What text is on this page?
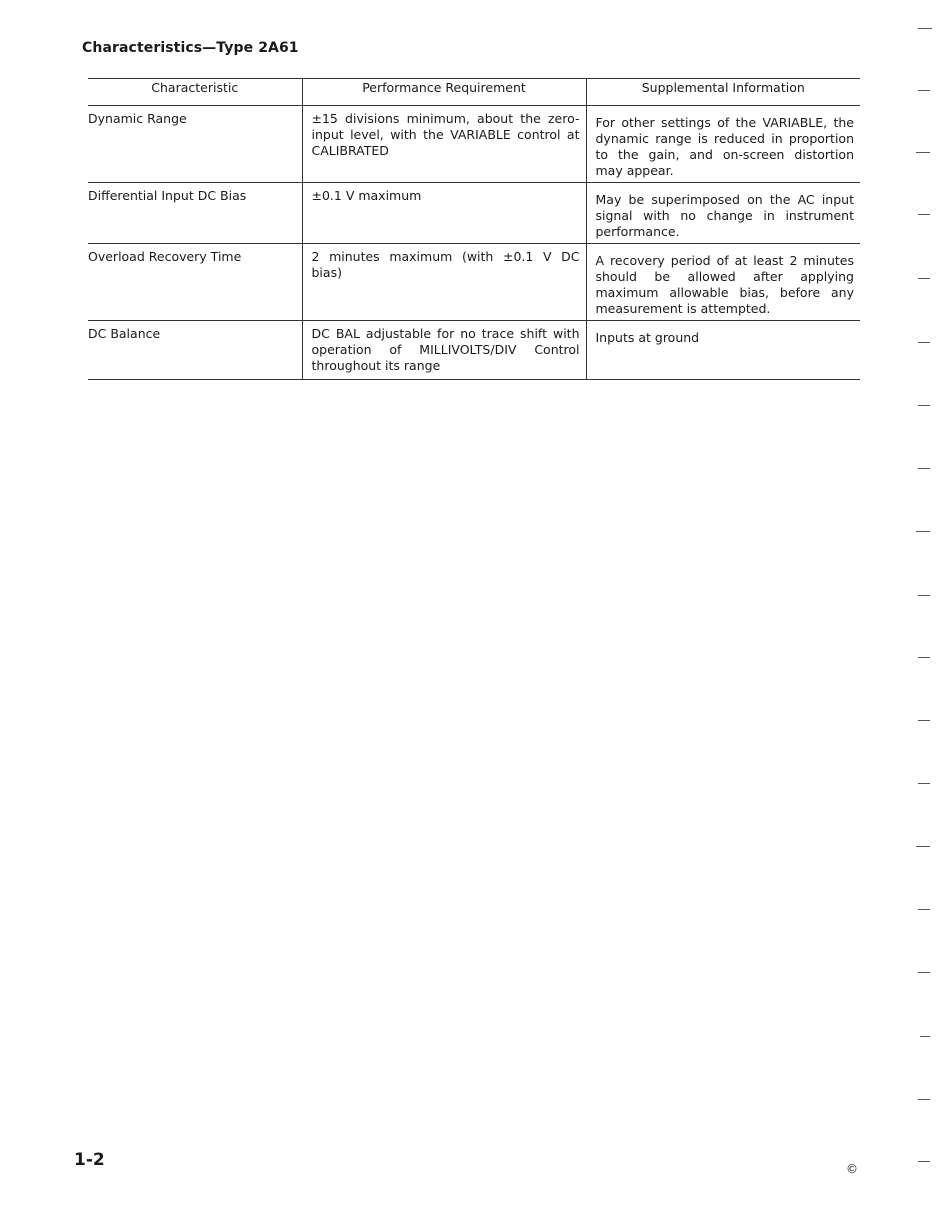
Characteristics—Type 2A61
Characteristic	Performance Requirement	Supplemental Information
Dynamic Range	±15 divisions minimum, about the zero-input level, with the VARIABLE control at CALIBRATED	For other settings of the VARIABLE, the dynamic range is reduced in proportion to the gain, and on-screen distortion may appear.
Differential Input DC Bias	±0.1 V maximum	May be superimposed on the AC input signal with no change in instrument performance.
Overload Recovery Time	2 minutes maximum (with ±0.1 V DC bias)	A recovery period of at least 2 minutes should be allowed after applying maximum allowable bias, before any measurement is attempted.
DC Balance	DC BAL adjustable for no trace shift with operation of MILLIVOLTS/DIV Control throughout its range	Inputs at ground
1-2	©
